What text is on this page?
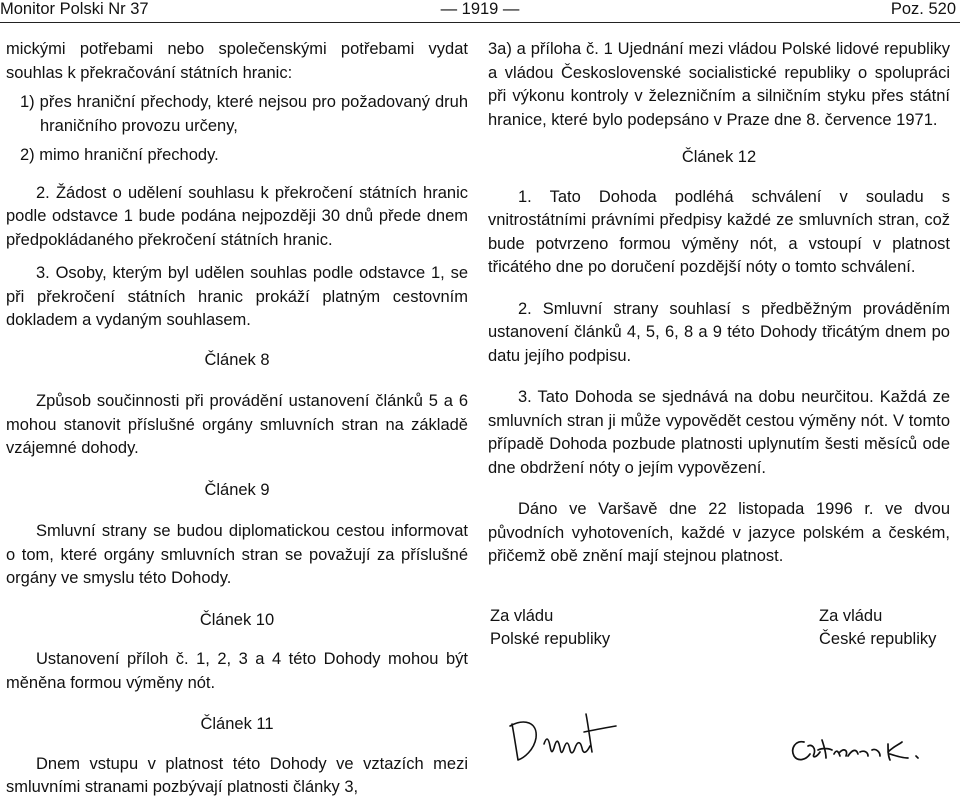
Monitor Polski Nr 37	— 1919 —	Poz. 520

mickými potřebami nebo společenskými potřebami vydat souhlas k překračování státních hranic:

1) přes hraniční přechody, které nejsou pro požadovaný druh hraničního provozu určeny,

2) mimo hraniční přechody.

2. Žádost o udělení souhlasu k překročení státních hranic podle odstavce 1 bude podána nejpozději 30 dnů přede dnem předpokládaného překročení státních hranic.

3. Osoby, kterým byl udělen souhlas podle odstavce 1, se při překročení státních hranic prokáží platným cestovním dokladem a vydaným souhlasem.

Článek 8

Způsob součinnosti při provádění ustanovení článků 5 a 6 mohou stanovit příslušné orgány smluvních stran na základě vzájemné dohody.

Článek 9

Smluvní strany se budou diplomatickou cestou informovat o tom, které orgány smluvních stran se považují za příslušné orgány ve smyslu této Dohody.

Článek 10

Ustanovení příloh č. 1, 2, 3 a 4 této Dohody mohou být měněna formou výměny nót.

Článek 11

Dnem vstupu v platnost této Dohody ve vztazích mezi smluvními stranami pozbývají platnosti články 3,

3a) a příloha č. 1 Ujednání mezi vládou Polské lidové republiky a vládou Československé socialistické republiky o spolupráci při výkonu kontroly v železničním a silničním styku přes státní hranice, které bylo podepsáno v Praze dne 8. července 1971.

Článek 12

1. Tato Dohoda podléhá schválení v souladu s vnitrostátními právními předpisy každé ze smluvních stran, což bude potvrzeno formou výměny nót, a vstoupí v platnost třicátého dne po doručení pozdější nóty o tomto schválení.

2. Smluvní strany souhlasí s předběžným prováděním ustanovení článků 4, 5, 6, 8 a 9 této Dohody třicátým dnem po datu jejího podpisu.

3. Tato Dohoda se sjednává na dobu neurčitou. Každá ze smluvních stran ji může vypovědět cestou výměny nót. V tomto případě Dohoda pozbude platnosti uplynutím šesti měsíců ode dne obdržení nóty o jejím vypovězení.

Dáno ve Varšavě dne 22 listopada 1996 r. ve dvou původních vyhotoveních, každé v jazyce polském a českém, přičemž obě znění mají stejnou platnost.

Za vládu
Polské republiky
Za vládu
České republiky
